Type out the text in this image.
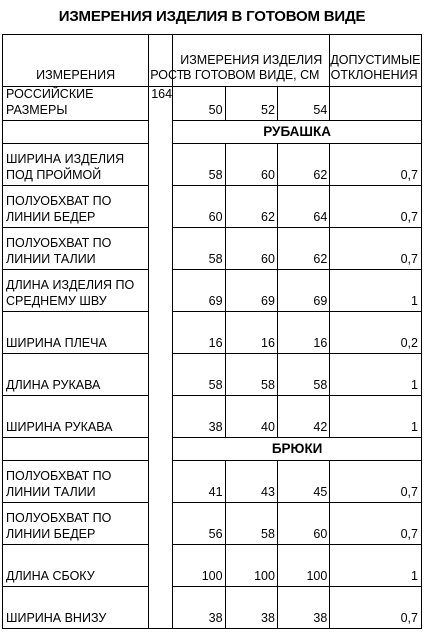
ИЗМЕРЕНИЯ ИЗДЕЛИЯ В ГОТОВОМ ВИДЕ
ИЗМЕРЕНИЯ	РОСТ	ИЗМЕРЕНИЯ ИЗДЕЛИЯ В ГОТОВОМ ВИДЕ, СМ			ДОПУСТИМЫЕ ОТКЛОНЕНИЯ
РОССИЙСКИЕ РАЗМЕРЫ	164	50	52	54	
		РУБАШКА			
ШИРИНА ИЗДЕЛИЯ ПОД ПРОЙМОЙ		58	60	62	0,7
ПОЛУОБХВАТ ПО ЛИНИИ БЕДЕР		60	62	64	0,7
ПОЛУОБХВАТ ПО ЛИНИИ ТАЛИИ		58	60	62	0,7
ДЛИНА ИЗДЕЛИЯ ПО СРЕДНЕМУ ШВУ		69	69	69	1
ШИРИНА ПЛЕЧА		16	16	16	0,2
ДЛИНА РУКАВА		58	58	58	1
ШИРИНА РУКАВА		38	40	42	1
		БРЮКИ			
ПОЛУОБХВАТ ПО ЛИНИИ ТАЛИИ		41	43	45	0,7
ПОЛУОБХВАТ ПО ЛИНИИ БЕДЕР		56	58	60	0,7
ДЛИНА СБОКУ		100	100	100	1
ШИРИНА ВНИЗУ		38	38	38	0,7
